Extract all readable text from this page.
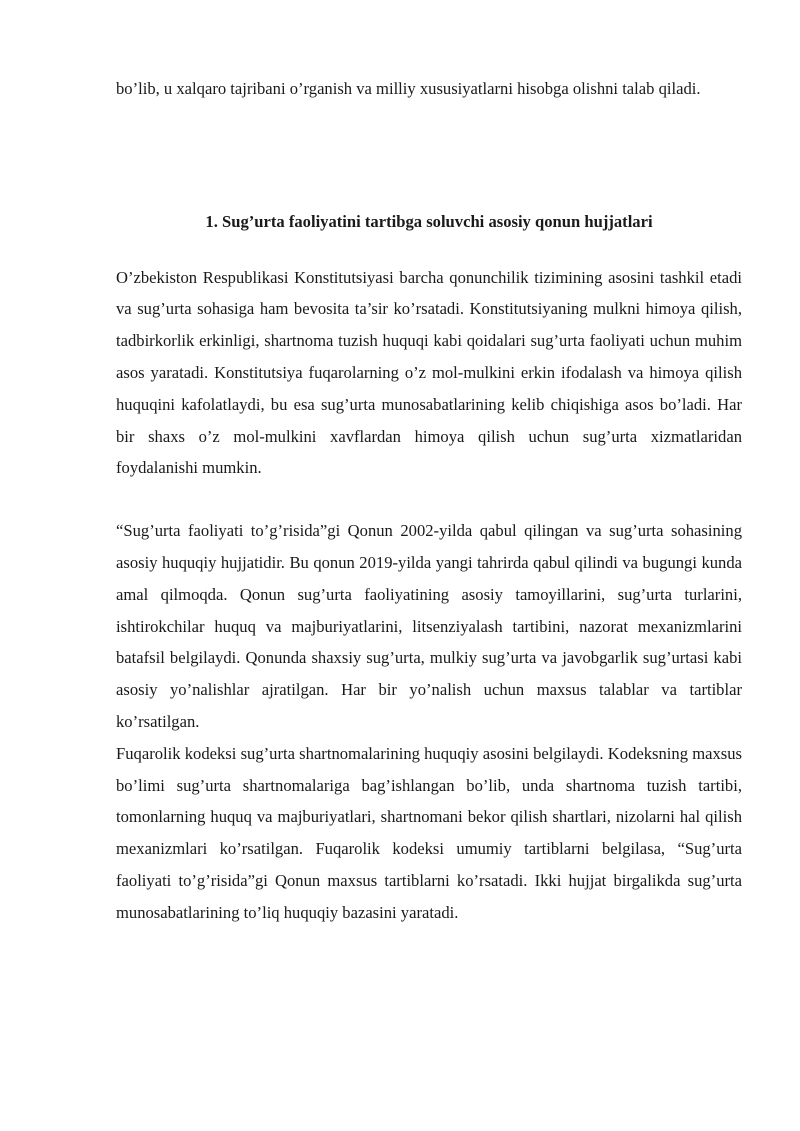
bo’lib, u xalqaro tajribani o’rganish va milliy xususiyatlarni hisobga olishni talab qiladi.

1. Sug’urta faoliyatini tartibga soluvchi asosiy qonun hujjatlari

O’zbekiston Respublikasi Konstitutsiyasi barcha qonunchilik tizimining asosini tashkil etadi va sug’urta sohasiga ham bevosita ta’sir ko’rsatadi. Konstitutsiyaning mulkni himoya qilish, tadbirkorlik erkinligi, shartnoma tuzish huquqi kabi qoidalari sug’urta faoliyati uchun muhim asos yaratadi. Konstitutsiya fuqarolarning o’z mol-mulkini erkin ifodalash va himoya qilish huquqini kafolatlaydi, bu esa sug’urta munosabatlarining kelib chiqishiga asos bo’ladi. Har bir shaxs o’z mol-mulkini xavflardan himoya qilish uchun sug’urta xizmatlaridan foydalanishi mumkin.

“Sug’urta faoliyati to’g’risida”gi Qonun 2002-yilda qabul qilingan va sug’urta sohasining asosiy huquqiy hujjatidir. Bu qonun 2019-yilda yangi tahrirda qabul qilindi va bugungi kunda amal qilmoqda. Qonun sug’urta faoliyatining asosiy tamoyillarini, sug’urta turlarini, ishtirokchilar huquq va majburiyatlarini, litsenziyalash tartibini, nazorat mexanizmlarini batafsil belgilaydi. Qonunda shaxsiy sug’urta, mulkiy sug’urta va javobgarlik sug’urtasi kabi asosiy yo’nalishlar ajratilgan. Har bir yo’nalish uchun maxsus talablar va tartiblar ko’rsatilgan.

Fuqarolik kodeksi sug’urta shartnomalarining huquqiy asosini belgilaydi. Kodeksning maxsus bo’limi sug’urta shartnomalariga bag’ishlangan bo’lib, unda shartnoma tuzish tartibi, tomonlarning huquq va majburiyatlari, shartnomani bekor qilish shartlari, nizolarni hal qilish mexanizmlari ko’rsatilgan. Fuqarolik kodeksi umumiy tartiblarni belgilasa, “Sug’urta faoliyati to’g’risida”gi Qonun maxsus tartiblarni ko’rsatadi. Ikki hujjat birgalikda sug’urta munosabatlarining to’liq huquqiy bazasini yaratadi.
